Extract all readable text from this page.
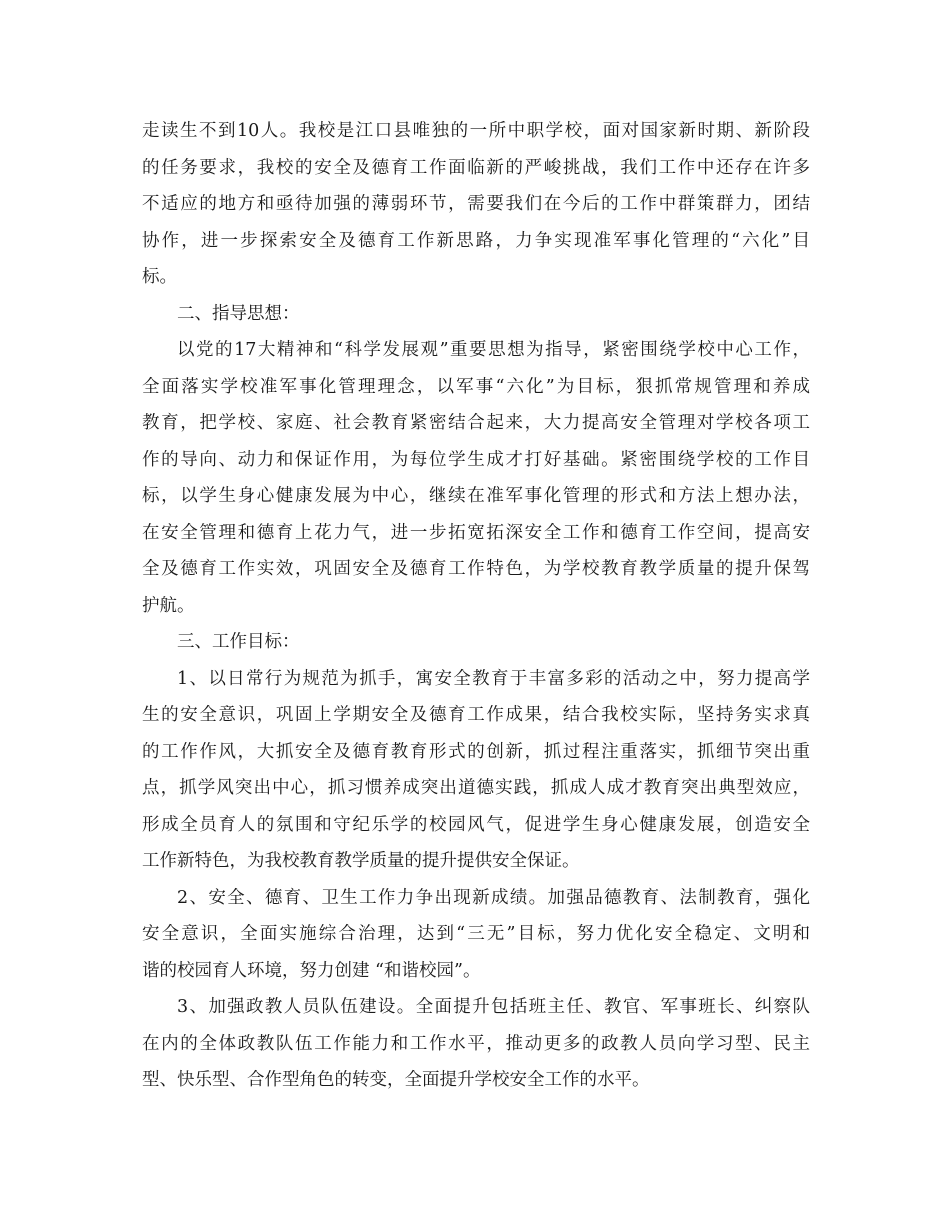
走读生不到10人。我校是江口县唯独的一所中职学校，面对国家新时期、新阶段
的任务要求，我校的安全及德育工作面临新的严峻挑战，我们工作中还存在许多
不适应的地方和亟待加强的薄弱环节，需要我们在今后的工作中群策群力，团结
协作，进一步探索安全及德育工作新思路，力争实现准军事化管理的“六化”目
标。
二、指导思想：
以党的17大精神和“科学发展观”重要思想为指导，紧密围绕学校中心工作，
全面落实学校准军事化管理理念，以军事“六化”为目标，狠抓常规管理和养成
教育，把学校、家庭、社会教育紧密结合起来，大力提高安全管理对学校各项工
作的导向、动力和保证作用，为每位学生成才打好基础。紧密围绕学校的工作目
标，以学生身心健康发展为中心，继续在准军事化管理的形式和方法上想办法，
在安全管理和德育上花力气，进一步拓宽拓深安全工作和德育工作空间，提高安
全及德育工作实效，巩固安全及德育工作特色，为学校教育教学质量的提升保驾
护航。
三、工作目标：
1、以日常行为规范为抓手，寓安全教育于丰富多彩的活动之中，努力提高学
生的安全意识，巩固上学期安全及德育工作成果，结合我校实际，坚持务实求真
的工作作风，大抓安全及德育教育形式的创新，抓过程注重落实，抓细节突出重
点，抓学风突出中心，抓习惯养成突出道德实践，抓成人成才教育突出典型效应，
形成全员育人的氛围和守纪乐学的校园风气，促进学生身心健康发展，创造安全
工作新特色，为我校教育教学质量的提升提供安全保证。
2、安全、德育、卫生工作力争出现新成绩。加强品德教育、法制教育，强化
安全意识，全面实施综合治理，达到“三无”目标，努力优化安全稳定、文明和
谐的校园育人环境，努力创建 “和谐校园”。
3、加强政教人员队伍建设。全面提升包括班主任、教官、军事班长、纠察队
在内的全体政教队伍工作能力和工作水平，推动更多的政教人员向学习型、民主
型、快乐型、合作型角色的转变，全面提升学校安全工作的水平。
